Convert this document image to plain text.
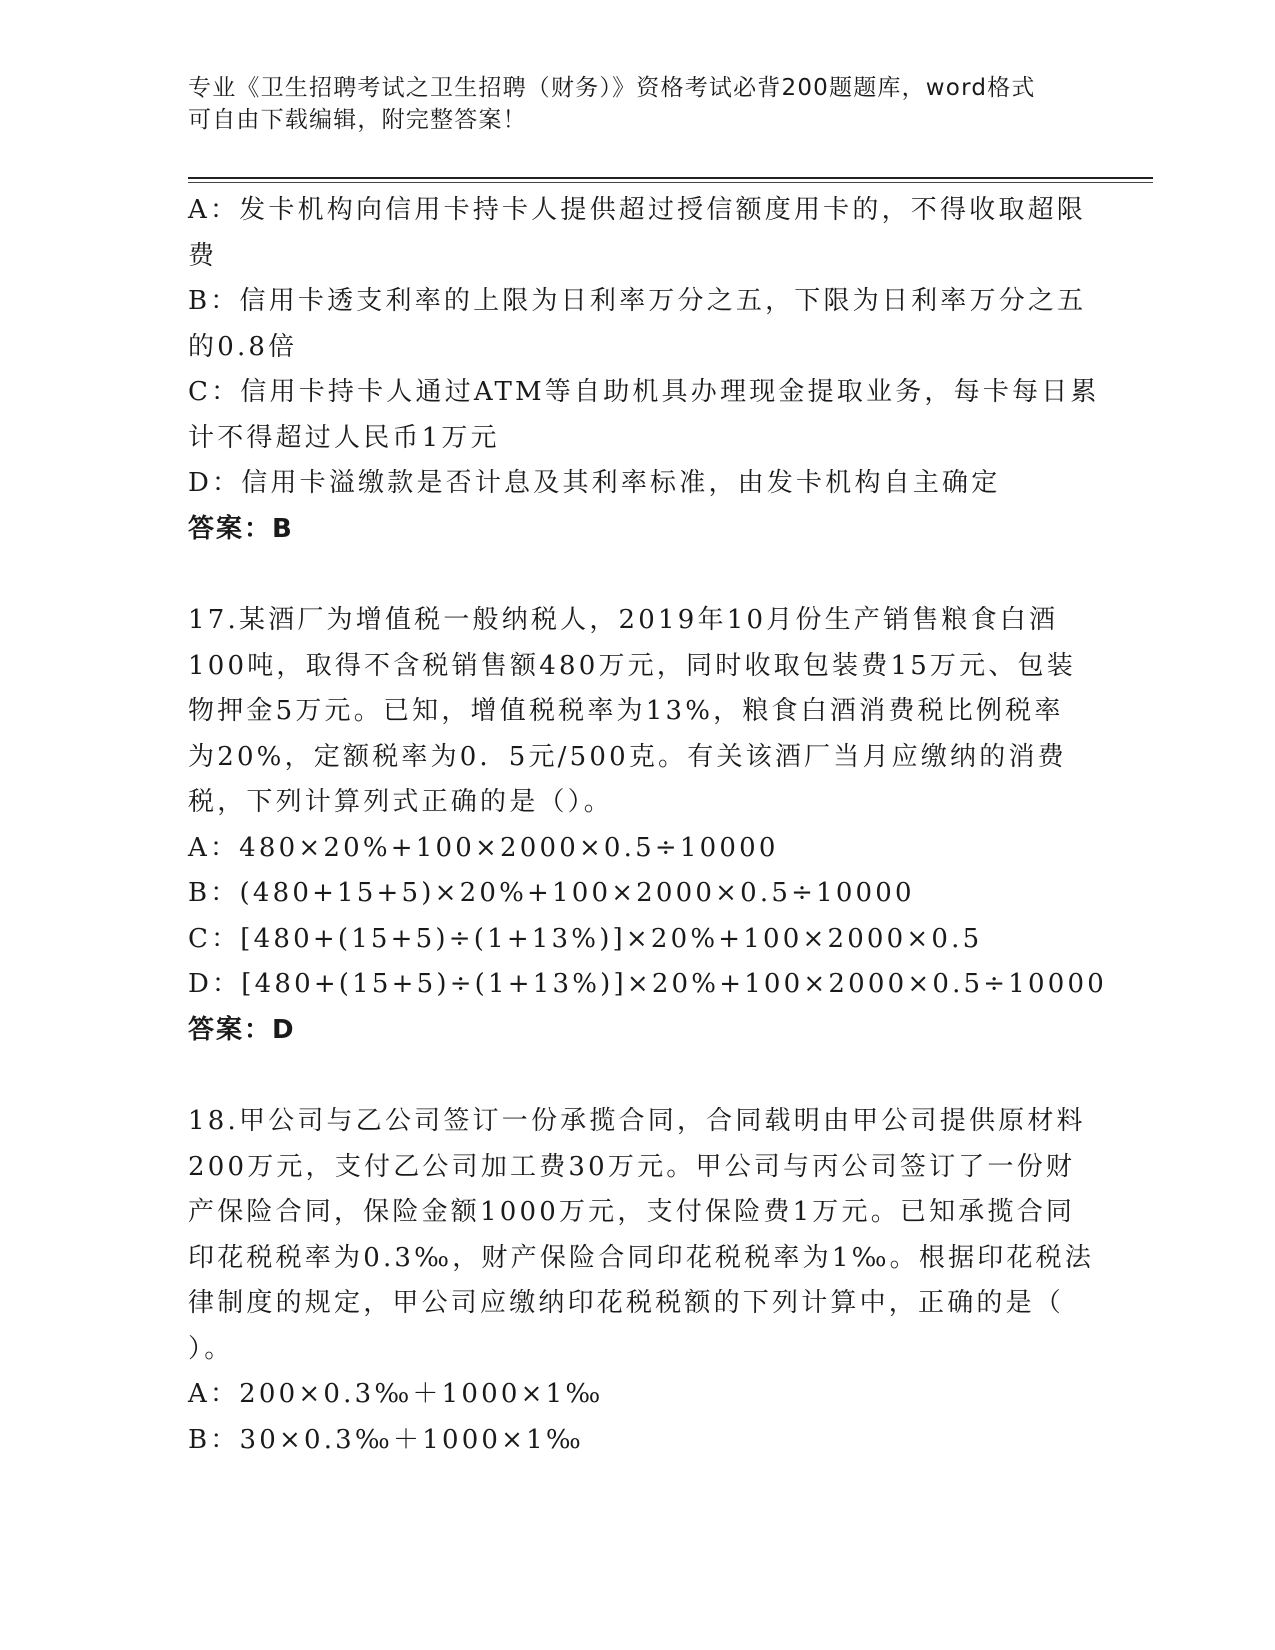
专业《卫生招聘考试之卫生招聘（财务）》资格考试必背200题题库，word格式
可自由下载编辑，附完整答案！
A：发卡机构向信用卡持卡人提供超过授信额度用卡的，不得收取超限
费
B：信用卡透支利率的上限为日利率万分之五，下限为日利率万分之五
的0.8倍
C：信用卡持卡人通过ATM等自助机具办理现金提取业务，每卡每日累
计不得超过人民币1万元
D：信用卡溢缴款是否计息及其利率标准，由发卡机构自主确定
答案：B
17.某酒厂为增值税一般纳税人，2019年10月份生产销售粮食白酒
100吨，取得不含税销售额480万元，同时收取包装费15万元、包装
物押金5万元。已知，增值税税率为13%，粮食白酒消费税比例税率
为20%，定额税率为0．5元/500克。有关该酒厂当月应缴纳的消费
税，下列计算列式正确的是（）。
A：480×20%+100×2000×0.5÷10000
B：(480+15+5)×20%+100×2000×0.5÷10000
C：[480+(15+5)÷(1+13%)]×20%+100×2000×0.5
D：[480+(15+5)÷(1+13%)]×20%+100×2000×0.5÷10000
答案：D
18.甲公司与乙公司签订一份承揽合同，合同载明由甲公司提供原材料
200万元，支付乙公司加工费30万元。甲公司与丙公司签订了一份财
产保险合同，保险金额1000万元，支付保险费1万元。已知承揽合同
印花税税率为0.3‰，财产保险合同印花税税率为1‰。根据印花税法
律制度的规定，甲公司应缴纳印花税税额的下列计算中，正确的是（
）。
A：200×0.3‰＋1000×1‰
B：30×0.3‰＋1000×1‰
